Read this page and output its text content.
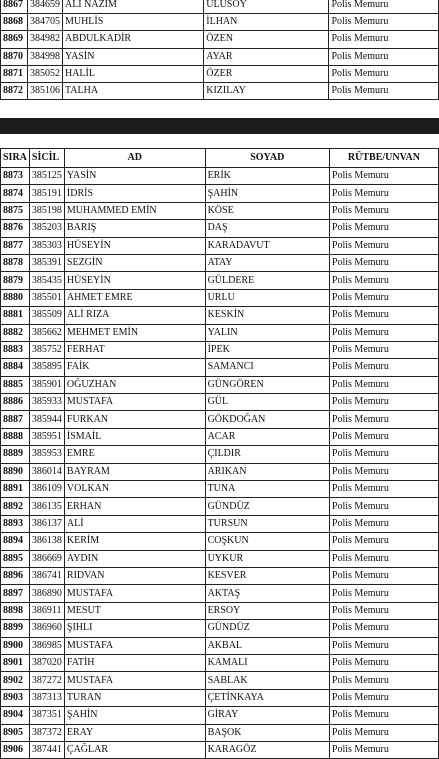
8867	384659	ALİ NAZIM	ULUSOY	Polis Memuru
8868	384705	MUHLİS	İLHAN	Polis Memuru
8869	384982	ABDULKADİR	ÖZEN	Polis Memuru
8870	384998	YASİN	AYAR	Polis Memuru
8871	385052	HALİL	ÖZER	Polis Memuru
8872	385106	TALHA	KIZILAY	Polis Memuru
SIRA	SİCİL	AD	SOYAD	RÜTBE/UNVAN
8873	385125	YASİN	ERİK	Polis Memuru
8874	385191	İDRİS	ŞAHİN	Polis Memuru
8875	385198	MUHAMMED EMİN	KÖSE	Polis Memuru
8876	385203	BARIŞ	DAŞ	Polis Memuru
8877	385303	HÜSEYİN	KARADAVUT	Polis Memuru
8878	385391	SEZGİN	ATAY	Polis Memuru
8879	385435	HÜSEYİN	GÜLDERE	Polis Memuru
8880	385501	AHMET EMRE	URLU	Polis Memuru
8881	385509	ALİ RIZA	KESKİN	Polis Memuru
8882	385662	MEHMET EMİN	YALIN	Polis Memuru
8883	385752	FERHAT	İPEK	Polis Memuru
8884	385895	FAİK	SAMANCI	Polis Memuru
8885	385901	OĞUZHAN	GÜNGÖREN	Polis Memuru
8886	385933	MUSTAFA	GÜL	Polis Memuru
8887	385944	FURKAN	GÖKDOĞAN	Polis Memuru
8888	385951	İSMAİL	ACAR	Polis Memuru
8889	385953	EMRE	ÇILDIR	Polis Memuru
8890	386014	BAYRAM	ARIKAN	Polis Memuru
8891	386109	VOLKAN	TUNA	Polis Memuru
8892	386135	ERHAN	GÜNDÜZ	Polis Memuru
8893	386137	ALİ	TURSUN	Polis Memuru
8894	386138	KERİM	COŞKUN	Polis Memuru
8895	386669	AYDIN	UYKUR	Polis Memuru
8896	386741	RIDVAN	KESVER	Polis Memuru
8897	386890	MUSTAFA	AKTAŞ	Polis Memuru
8898	386911	MESUT	ERSOY	Polis Memuru
8899	386960	ŞIHLI	GÜNDÜZ	Polis Memuru
8900	386985	MUSTAFA	AKBAL	Polis Memuru
8901	387020	FATİH	KAMALI	Polis Memuru
8902	387272	MUSTAFA	SABLAK	Polis Memuru
8903	387313	TURAN	ÇETİNKAYA	Polis Memuru
8904	387351	ŞAHİN	GİRAY	Polis Memuru
8905	387372	ERAY	BAŞOK	Polis Memuru
8906	387441	ÇAĞLAR	KARAGÖZ	Polis Memuru
